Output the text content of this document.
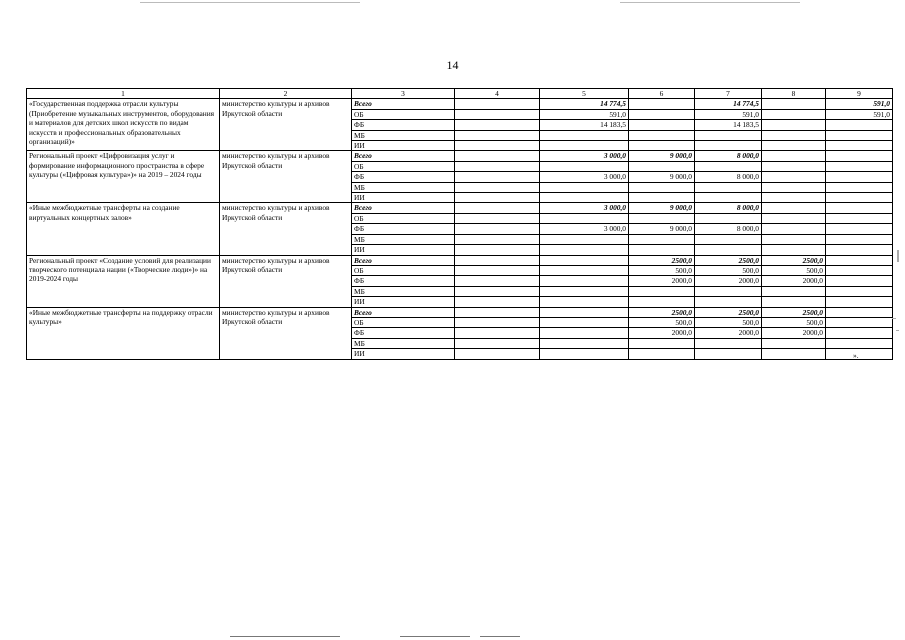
14
1	2	3	4	5	6	7	8	9
«Государственная поддержка отрасли культуры (Приобретение музыкальных инструментов, оборудования и материалов для детских школ искусств по видам искусств и профессиональных образовательных организаций)»	министерство культуры и архивов Иркутской области	Всего		14 774,5		14 774,5		591,0
		ОБ		591,0		591,0		591,0
		ФБ		14 183,5		14 183,5		
		МБ						
		ИИ						
Региональный проект «Цифровизация услуг и формирование информационного пространства в сфере культуры («Цифровая культура»)» на 2019 – 2024 годы	министерство культуры и архивов Иркутской области	Всего		3 000,0	9 000,0	8 000,0		
		ОБ						
		ФБ		3 000,0	9 000,0	8 000,0		
		МБ						
		ИИ						
«Иные межбюджетные трансферты на создание виртуальных концертных залов»	министерство культуры и архивов Иркутской области	Всего		3 000,0	9 000,0	8 000,0		
		ОБ						
		ФБ		3 000,0	9 000,0	8 000,0		
		МБ						
		ИИ						
Региональный проект «Создание условий для реализации творческого потенциала нации («Творческие люди»)» на 2019-2024 годы	министерство культуры и архивов Иркутской области	Всего			2500,0	2500,0	2500,0	
		ОБ			500,0	500,0	500,0	
		ФБ			2000,0	2000,0	2000,0	
		МБ						
		ИИ						
«Иные межбюджетные трансферты на поддержку отрасли культуры»	министерство культуры и архивов Иркутской области	Всего			2500,0	2500,0	2500,0	
		ОБ			500,0	500,0	500,0	
		ФБ			2000,0	2000,0	2000,0	
		МБ						
		ИИ							».
